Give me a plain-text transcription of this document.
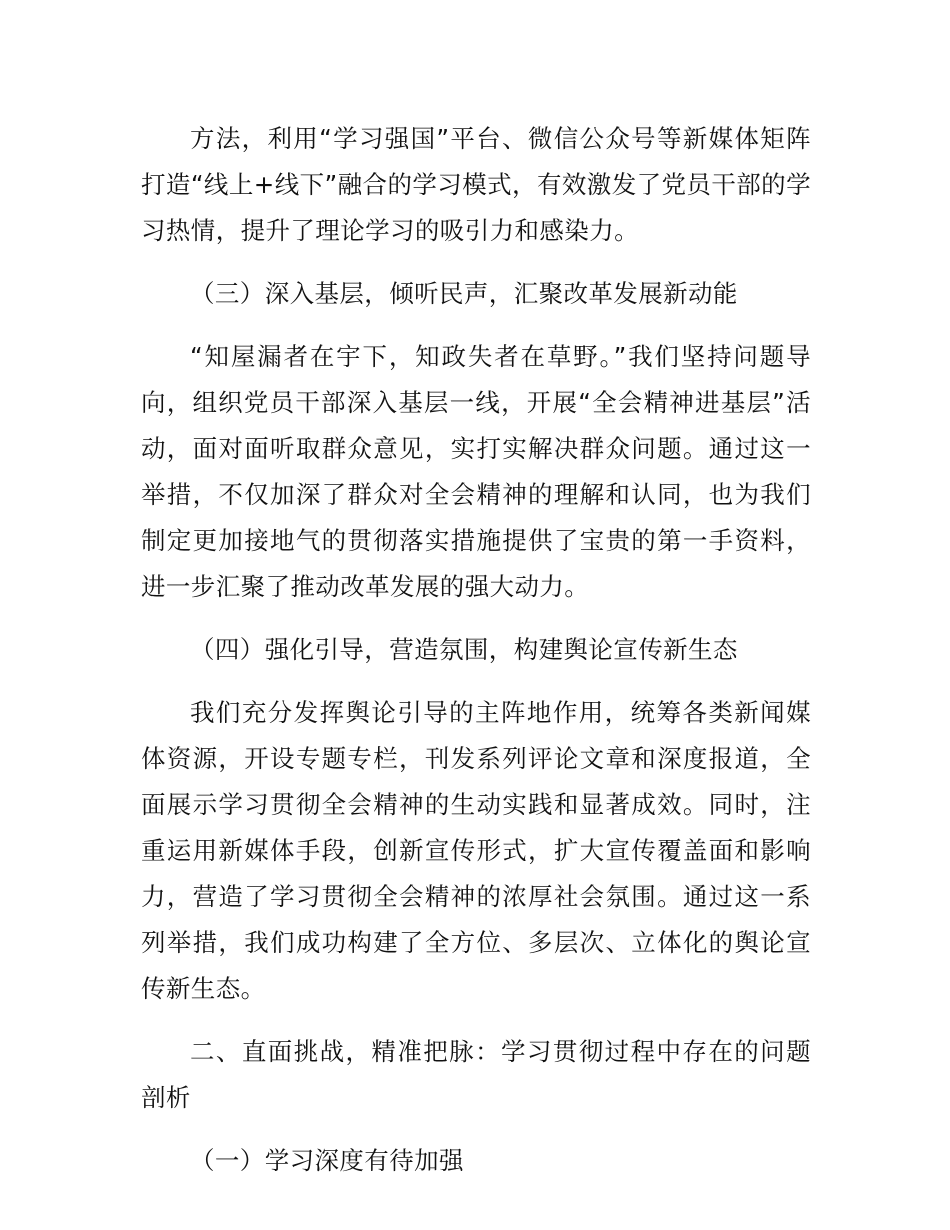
方法，利用“学习强国”平台、微信公众号等新媒体矩阵打造“线上+线下”融合的学习模式，有效激发了党员干部的学习热情，提升了理论学习的吸引力和感染力。

（三）深入基层，倾听民声，汇聚改革发展新动能

“知屋漏者在宇下，知政失者在草野。”我们坚持问题导向，组织党员干部深入基层一线，开展“全会精神进基层”活动，面对面听取群众意见，实打实解决群众问题。通过这一举措，不仅加深了群众对全会精神的理解和认同，也为我们制定更加接地气的贯彻落实措施提供了宝贵的第一手资料，进一步汇聚了推动改革发展的强大动力。

（四）强化引导，营造氛围，构建舆论宣传新生态

我们充分发挥舆论引导的主阵地作用，统筹各类新闻媒体资源，开设专题专栏，刊发系列评论文章和深度报道，全面展示学习贯彻全会精神的生动实践和显著成效。同时，注重运用新媒体手段，创新宣传形式，扩大宣传覆盖面和影响力，营造了学习贯彻全会精神的浓厚社会氛围。通过这一系列举措，我们成功构建了全方位、多层次、立体化的舆论宣传新生态。

二、直面挑战，精准把脉：学习贯彻过程中存在的问题剖析

（一）学习深度有待加强
